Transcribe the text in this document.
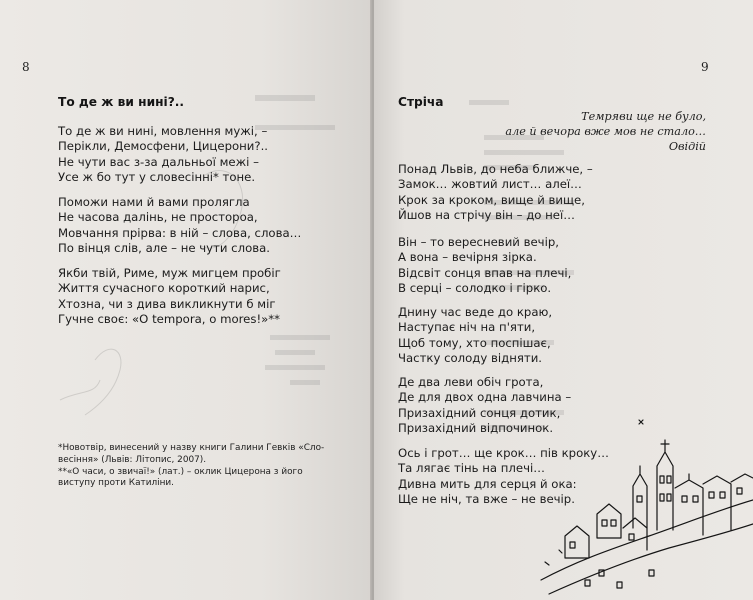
8
То де ж ви нині?..
То де ж ви нині, мовлення мужі, –
Перікли, Демосфени, Цицерони?..
Не чути вас з-за дальньої межі –
Усе ж бо тут у словесінні* тоне.
Поможи нами й вами пролягла
Не часова далінь, не простороа,
Мовчання прірва: в ній – слова, слова…
По вінця слів, але – не чути слова.
Якби твій, Риме, муж мигцем пробіг
Життя сучасного короткий нарис,
Хтозна, чи з дива викликнути б міг
Гучне своє: «O tempora, o mores!»**
*Новотвір, винесений у назву книги Галини Гевків «Сло-
весіння» (Львів: Літопис, 2007).
**«О часи, о звичаї!» (лат.) – оклик Цицерона з його
виступу проти Катиліни.
9
Стріча
Темряви ще не було,
але й вечора вже мов не стало…
Овідій
Понад Львів, до неба ближче, –
Замок… жовтий лист… алеї…
Крок за кроком, вище й вище,
Йшов на стрічу він – до неї…
Він – то вересневий вечір,
А вона – вечірня зірка.
Відсвіт сонця впав на плечі,
В серці – солодко і гірко.
Днину час веде до краю,
Наступає ніч на п'яти,
Щоб тому, хто поспішає,
Частку солоду відняти.
Де два леви обіч грота,
Де для двох одна лавчина –
Призахідний сонця дотик,
Призахідний відпочинок.
Ось і грот… ще крок… пів кроку…
Та лягає тінь на плечі…
Дивна мить для серця й ока:
Ще не ніч, та вже – не вечір.
